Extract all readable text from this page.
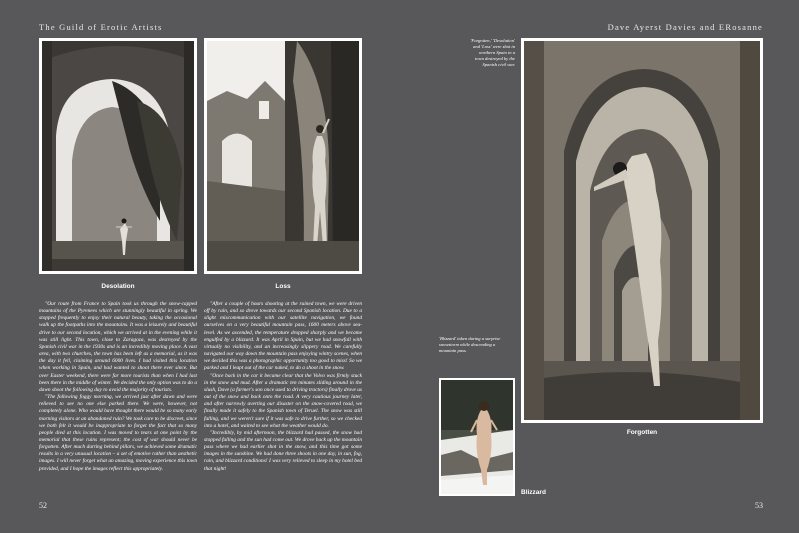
The Guild of Erotic Artists	Dave Ayerst Davies and ERosanne
Desolation	Loss

"Our route from France to Spain took us through the snow-capped mountains of the Pyrenees which are stunningly beautiful in spring. We stopped frequently to enjoy their natural beauty, taking the occasional walk up the footpaths into the mountains. It was a leisurely and beautiful drive to our second location, which we arrived at in the evening while it was still light. This town, close to Zaragoza, was destroyed by the Spanish civil war in the 1930s and is an incredibly moving place. A vast area, with two churches, the town has been left as a memorial, as it was the day it fell, claiming around 6000 lives. I had visited this location when working in Spain, and had wanted to shoot there ever since. But over Easter weekend, there were far more tourists than when I had last been there in the middle of winter. We decided the only option was to do a dawn shoot the following day to avoid the majority of tourists.

"The following foggy morning, we arrived just after dawn and were relieved to see no one else parked there. We were, however, not completely alone. Who would have thought there would be so many early morning visitors at an abandoned ruin? We took care to be discreet, since we both felt it would be inappropriate to forget the fact that so many people died at this location. I was moved to tears at one point by the memorial that these ruins represent; the cost of war should never be forgotten. After much darting behind pillars, we achieved some dramatic results in a very unusual location – a set of emotive rather than aesthetic images. I will never forget what an amazing, moving experience this town provided, and I hope the images reflect this appropriately.

"After a couple of hours shooting at the ruined town, we were driven off by rain, and so drove towards our second Spanish location. Due to a slight miscommunication with our satellite navigation, we found ourselves on a very beautiful mountain pass, 1600 meters above sea-level. As we ascended, the temperature dropped sharply and we became engulfed by a blizzard. It was April in Spain, but we had snowfall with virtually no visibility, and an increasingly slippery road. We carefully navigated our way down the mountain pass enjoying wintry scenes, when we decided this was a photographic opportunity too good to miss! So we parked and I leapt out of the car naked, to do a shoot in the snow.

"Once back in the car it became clear that the Volvo was firmly stuck in the snow and mud. After a dramatic ten minutes sliding around in the slush, Dave (a farmer's son once used to driving tractors) finally drove us out of the snow and back onto the road. A very cautious journey later, and after narrowly averting our disaster on the snow-covered road, we finally made it safely to the Spanish town of Teruel. The snow was still falling, and we weren't sure if it was safe to drive further, so we checked into a hotel, and waited to see what the weather would do.

"Incredibly, by mid afternoon, the blizzard had passed, the snow had stopped falling and the sun had come out. We drove back up the mountain pass where we had earlier shot in the snow, and this time got some images in the sunshine. We had done three shoots in one day, in sun, fog, rain, and blizzard conditions! I was very relieved to sleep in my hotel bed that night!

'Forgotten,' 'Desolation' and 'Loss' were shot in northern Spain in a town destroyed by the Spanish civil war.
'Blizzard' taken during a surprise snowstorm while descending a mountain pass.
Forgotten
Blizzard
52	53
